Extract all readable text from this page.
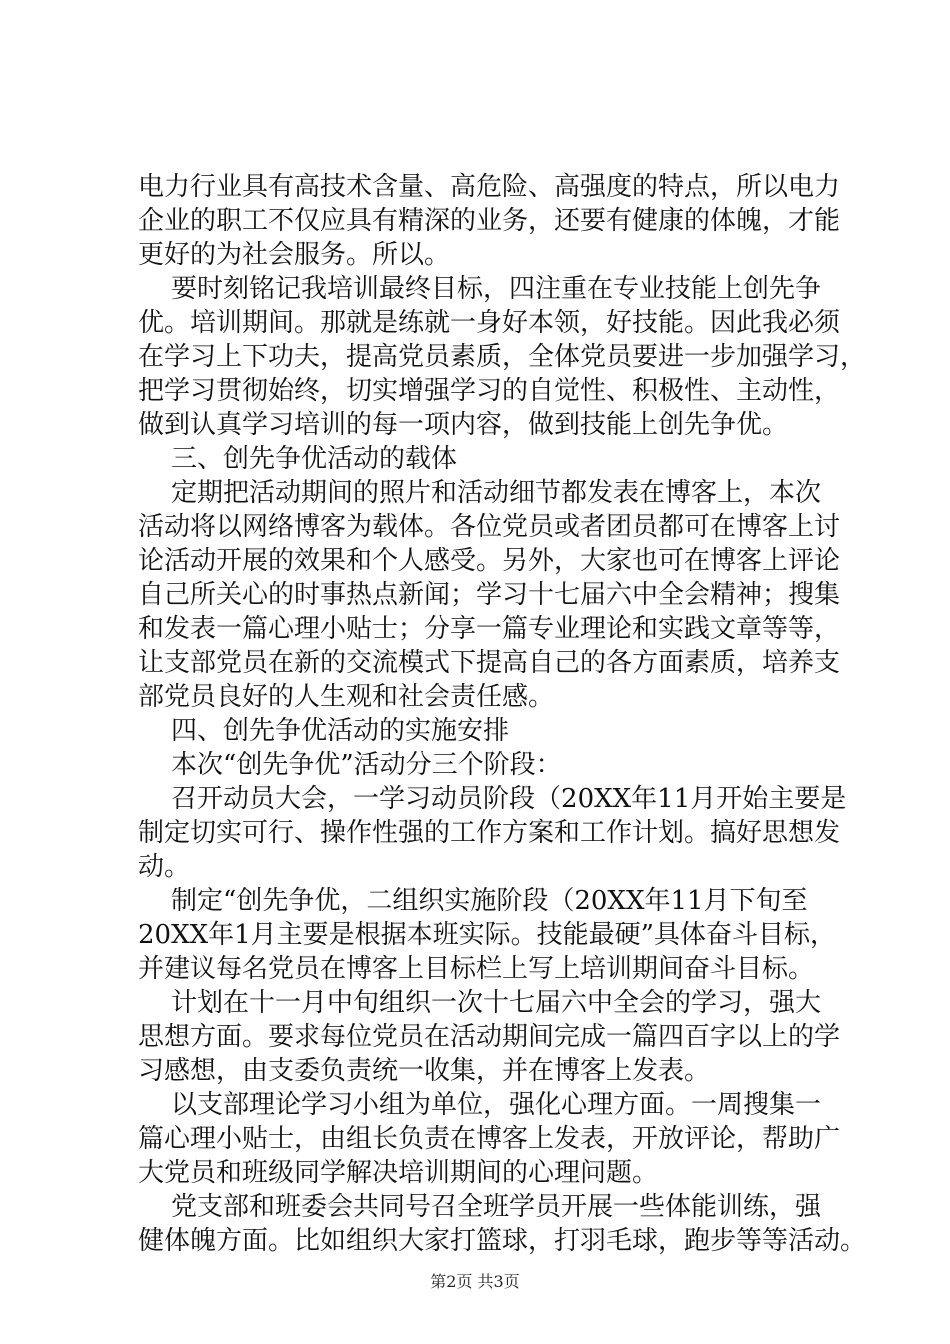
电力行业具有高技术含量、高危险、高强度的特点，所以电力
企业的职工不仅应具有精深的业务，还要有健康的体魄，才能
更好的为社会服务。所以。
要时刻铭记我培训最终目标，四注重在专业技能上创先争
优。培训期间。那就是练就一身好本领，好技能。因此我必须
在学习上下功夫，提高党员素质，全体党员要进一步加强学习，
把学习贯彻始终，切实增强学习的自觉性、积极性、主动性，
做到认真学习培训的每一项内容，做到技能上创先争优。
三、创先争优活动的载体
定期把活动期间的照片和活动细节都发表在博客上，本次
活动将以网络博客为载体。各位党员或者团员都可在博客上讨
论活动开展的效果和个人感受。另外，大家也可在博客上评论
自己所关心的时事热点新闻；学习十七届六中全会精神；搜集
和发表一篇心理小贴士；分享一篇专业理论和实践文章等等，
让支部党员在新的交流模式下提高自己的各方面素质，培养支
部党员良好的人生观和社会责任感。
四、创先争优活动的实施安排
本次“创先争优”活动分三个阶段：
召开动员大会，一学习动员阶段（20XX年11月开始主要是
制定切实可行、操作性强的工作方案和工作计划。搞好思想发
动。
制定“创先争优，二组织实施阶段（20XX年11月下旬至
20XX年1月主要是根据本班实际。技能最硬”具体奋斗目标，
并建议每名党员在博客上目标栏上写上培训期间奋斗目标。
计划在十一月中旬组织一次十七届六中全会的学习，强大
思想方面。要求每位党员在活动期间完成一篇四百字以上的学
习感想，由支委负责统一收集，并在博客上发表。
以支部理论学习小组为单位，强化心理方面。一周搜集一
篇心理小贴士，由组长负责在博客上发表，开放评论，帮助广
大党员和班级同学解决培训期间的心理问题。
党支部和班委会共同号召全班学员开展一些体能训练，强
健体魄方面。比如组织大家打篮球，打羽毛球，跑步等等活动。
第2页 共3页
